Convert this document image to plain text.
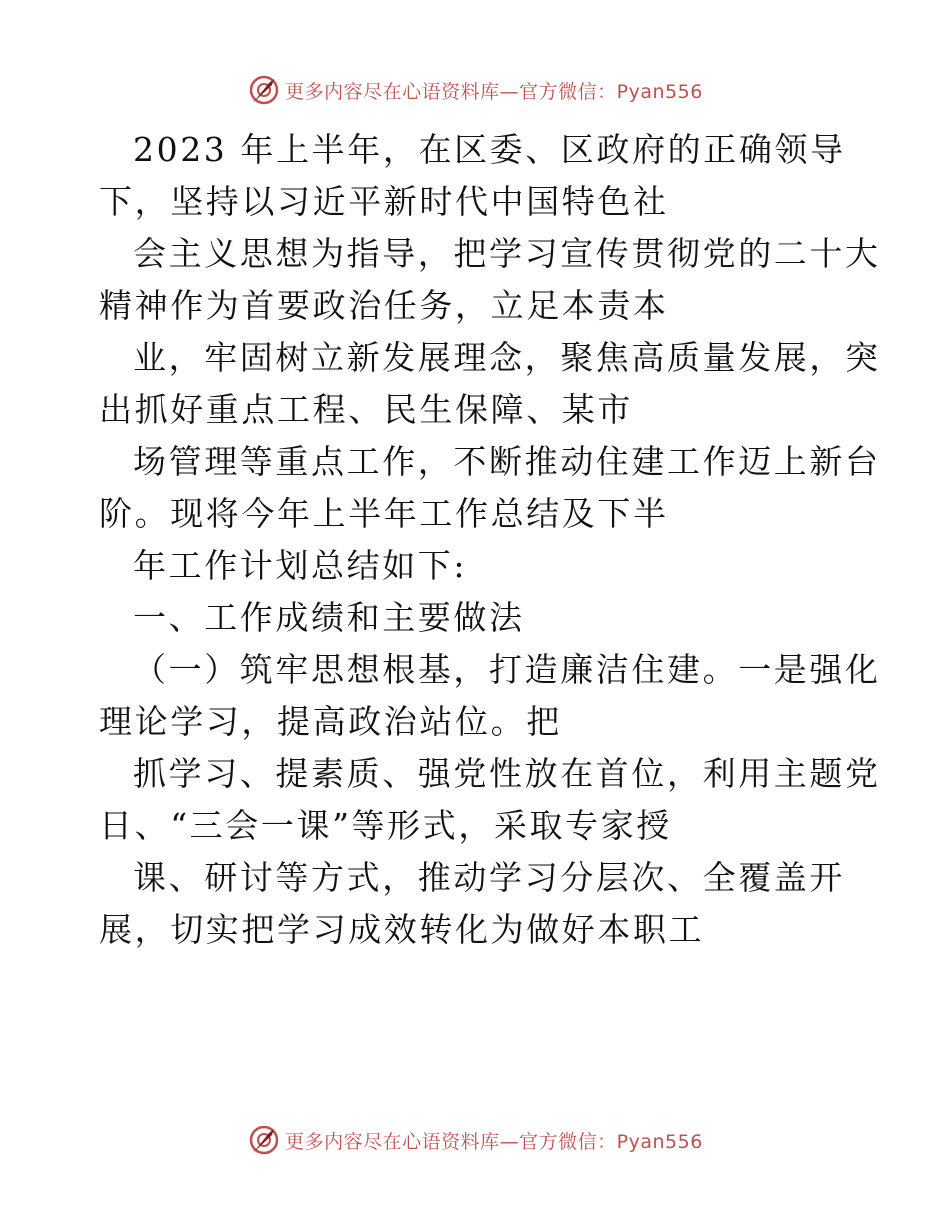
更多内容尽在心语资料库—官方微信：Pyan556
2023 年上半年，在区委、区政府的正确领导
下，坚持以习近平新时代中国特色社
会主义思想为指导，把学习宣传贯彻党的二十大
精神作为首要政治任务，立足本责本
业，牢固树立新发展理念，聚焦高质量发展，突
出抓好重点工程、民生保障、某市
场管理等重点工作，不断推动住建工作迈上新台
阶。现将今年上半年工作总结及下半
年工作计划总结如下:
一、工作成绩和主要做法
（一）筑牢思想根基，打造廉洁住建。一是强化
理论学习，提高政治站位。把
抓学习、提素质、强党性放在首位，利用主题党
日、“三会一课”等形式，采取专家授
课、研讨等方式，推动学习分层次、全覆盖开
展，切实把学习成效转化为做好本职工
更多内容尽在心语资料库—官方微信：Pyan556
